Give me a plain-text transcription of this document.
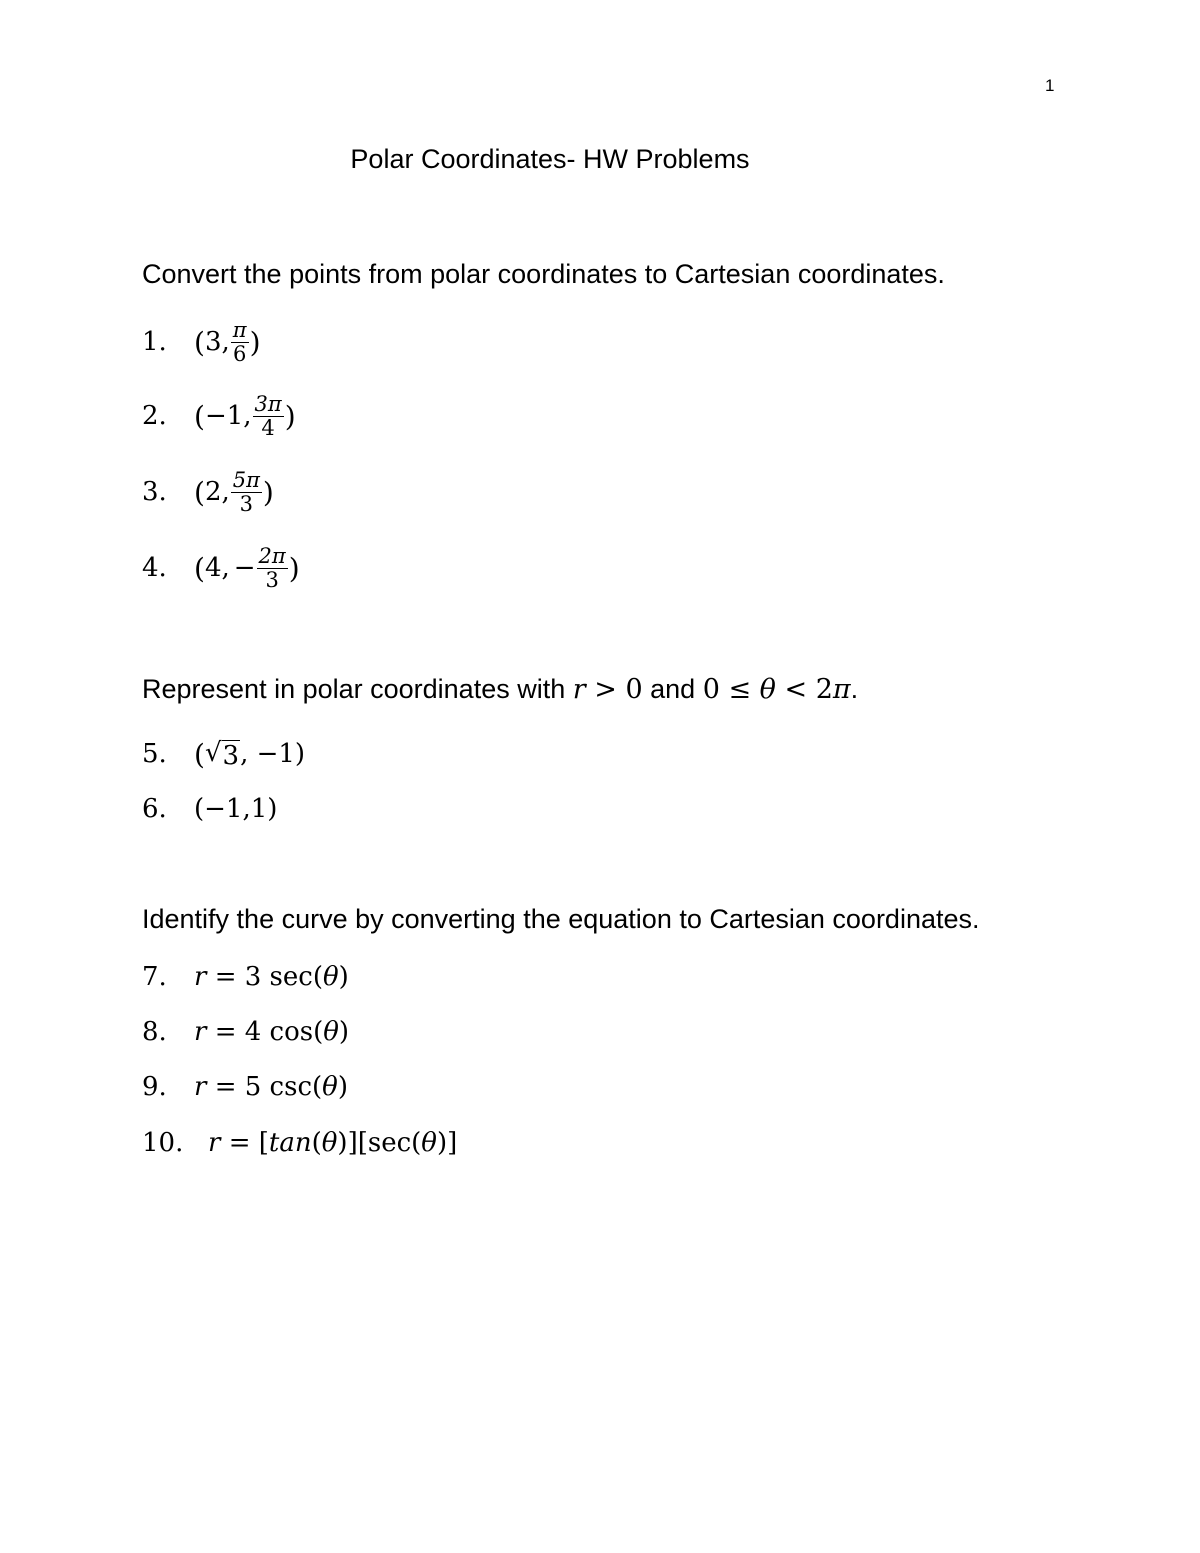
1
Polar Coordinates- HW Problems
Convert the points from polar coordinates to Cartesian coordinates.
1. ( 3, $\frac{\pi}{6}$ )
2. ( −1, $\frac{3\pi}{4}$ )
3. ( 2, $\frac{5\pi}{3}$ )
4. ( 4, − $\frac{2\pi}{3}$ )
Represent in polar coordinates with r > 0 and 0 ≤ θ < 2π.
5. ( √ 3 , −1)
6.	(−1,1)
Identify the curve by converting the equation to Cartesian coordinates.
7.	r = 3 sec( θ )
8.	r = 4 cos( θ )
9.	r = 5 csc( θ )
10. r = [ tan ( θ )][sec( θ )]
